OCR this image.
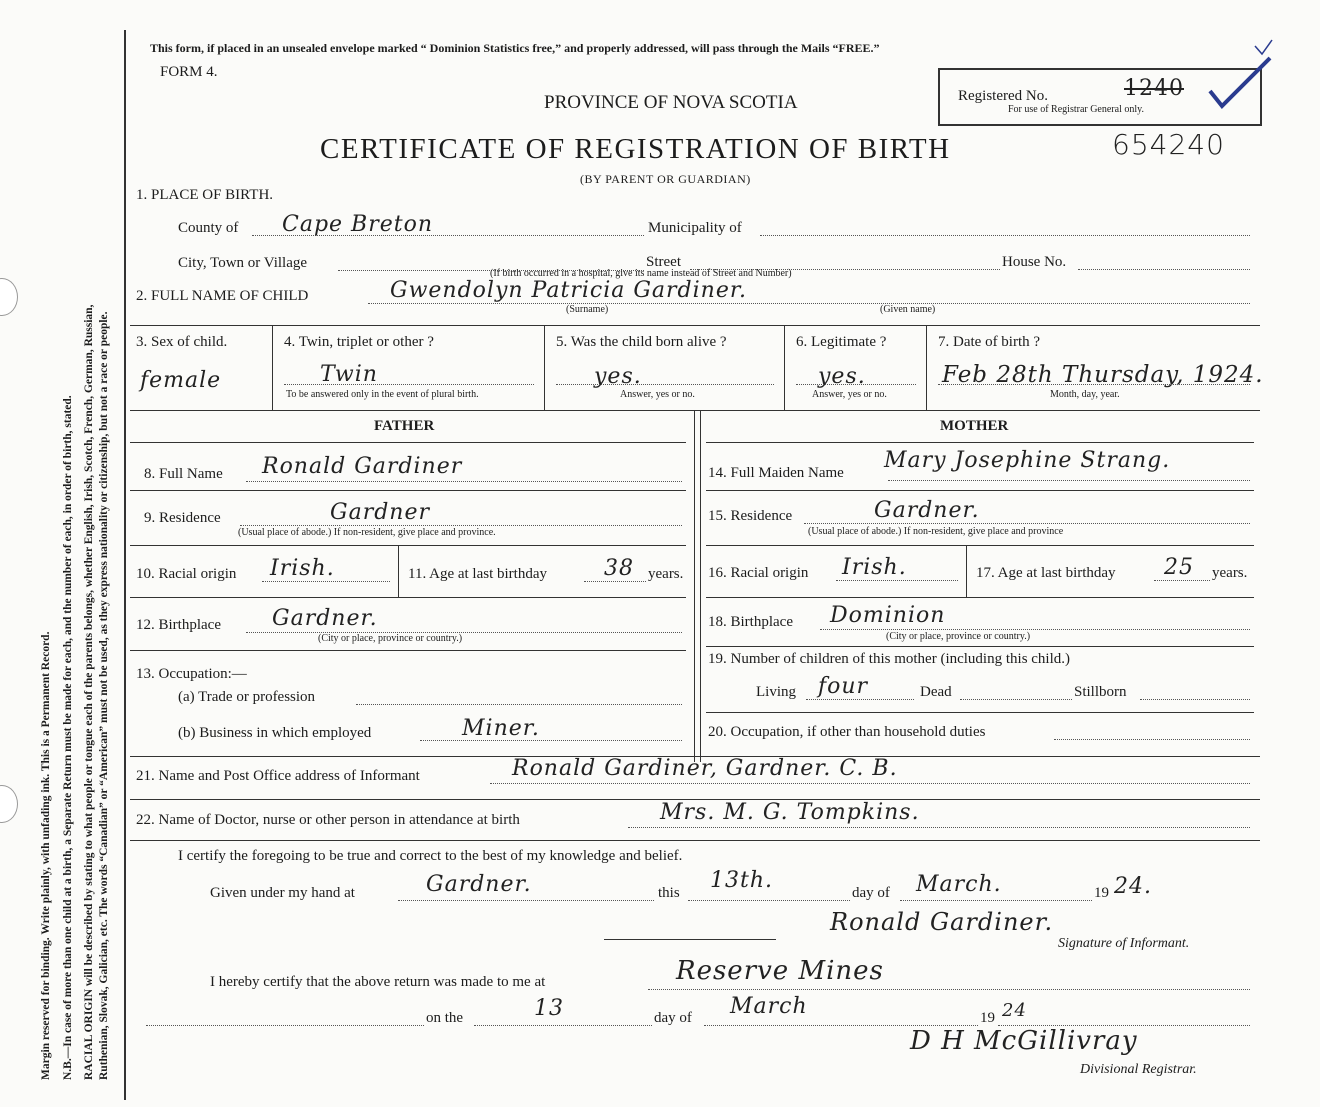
Margin reserved for binding. Write plainly, with unfading ink. This is a Permanent Record. N.B.—In case of more than one child at a birth, a Separate Return must be made for each, and the number of each, in order of birth, stated. RACIAL ORIGIN will be described by stating to what people or tongue each of the parents belongs, whether English, Irish, Scotch, French, German, Russian, Ruthenian, Slovak, Galician, etc. The words “Canadian” or “American” must not be used, as they express nationality or citizenship, but not a race or people.
This form, if placed in an unsealed envelope marked “ Dominion Statistics free,” and properly addressed, will pass through the Mails “FREE.”
FORM 4.
Registered No.	1240
For use of Registrar General only.
PROVINCE OF NOVA SCOTIA
CERTIFICATE OF REGISTRATION OF BIRTH	654240
(BY PARENT OR GUARDIAN)
1. PLACE OF BIRTH.
County of Cape Breton	Municipality of
City, Town or Village	Street	House No.
(If birth occurred in a hospital, give its name instead of Street and Number)
2. FULL NAME OF CHILD	Gwendolyn Patricia Gardiner.
(Surname)	(Given name)
3. Sex of child.
female
4. Twin, triplet or other ?
Twin
To be answered only in the event of plural birth.
5. Was the child born alive ?
yes.
Answer, yes or no.
6. Legitimate ?
yes.
Answer, yes or no.
7. Date of birth ?
Feb 28th Thursday, 1924.
Month, day, year.
FATHER	MOTHER
8. Full Name Ronald Gardiner
9. Residence	Gardner
(Usual place of abode.) If non-resident, give place and province.
10. Racial origin Irish.	11. Age at last birthday	38 years.
12. Birthplace Gardner.
(City or place, province or country.)
13. Occupation:—
(a) Trade or profession
(b) Business in which employed	Miner.
14. Full Maiden Name Mary Josephine Strang.
15. Residence	Gardner.
(Usual place of abode.) If non-resident, give place and province
16. Racial origin Irish.	17. Age at last birthday 25 years.
18. Birthplace Dominion
(City or place, province or country.)
19. Number of children of this mother (including this child.)
Living four	Dead	Stillborn
20. Occupation, if other than household duties
21. Name and Post Office address of Informant	Ronald Gardiner, Gardner. C. B.
22. Name of Doctor, nurse or other person in attendance at birth	Mrs. M. G. Tompkins.
I certify the foregoing to be true and correct to the best of my knowledge and belief.
Given under my hand at	Gardner.	this 13th.	day of March.	19 24.
Ronald Gardiner.
Signature of Informant.
I hereby certify that the above return was made to me at	Reserve Mines
on the	13	day of March	19 24
D H McGillivray
Divisional Registrar.
